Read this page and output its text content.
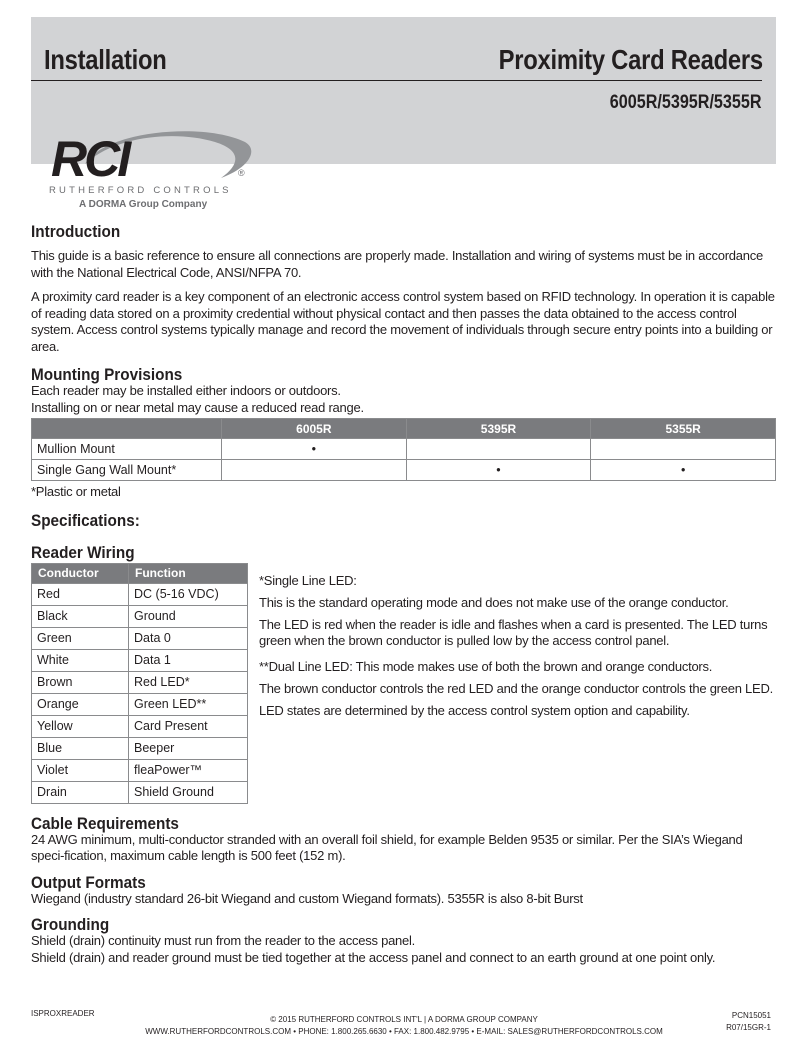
Installation	Proximity Card Readers
6005R/5395R/5355R
RCI	®
RUTHERFORD CONTROLS
A DORMA Group Company
Introduction

This guide is a basic reference to ensure all connections are properly made. Installation and wiring of systems must be in accordance with the National Electrical Code, ANSI/NFPA 70.

A proximity card reader is a key component of an electronic access control system based on RFID technology. In operation it is capable of reading data stored on a proximity credential without physical contact and then passes the data obtained to the access control system. Access control systems typically manage and record the movement of individuals through secure entry points into a building or area.

Mounting Provisions

Each reader may be installed either indoors or outdoors.

Installing on or near metal may cause a reduced read range.

	6005R	5395R	5355R
Mullion Mount	•		
Single Gang Wall Mount*		•	•

*Plastic or metal

Specifications:
Reader Wiring
Conductor	Function
Red	DC (5-16 VDC)
Black	Ground
Green	Data 0
White	Data 1
Brown	Red LED*
Orange	Green LED**
Yellow	Card Present
Blue	Beeper
Violet	fleaPower™
Drain	Shield Ground
Cable Requirements

24 AWG minimum, multi-conductor stranded with an overall foil shield, for example Belden 9535 or similar. Per the SIA’s Wiegand speci-fication, maximum cable length is 500 feet (152 m).

Output Formats

Wiegand (industry standard 26-bit Wiegand and custom Wiegand formats). 5355R is also 8-bit Burst

Grounding

Shield (drain) continuity must run from the reader to the access panel.

Shield (drain) and reader ground must be tied together at the access panel and connect to an earth ground at one point only.

*Single Line LED:

This is the standard operating mode and does not make use of the orange conductor.

The LED is red when the reader is idle and flashes when a card is presented. The LED turns green when the brown conductor is pulled low by the access control panel.

**Dual Line LED: This mode makes use of both the brown and orange conductors.

The brown conductor controls the red LED and the orange conductor controls the green LED.

LED states are determined by the access control system option and capability.

ISPROXREADER
© 2015 RUTHERFORD CONTROLS INT'L | A DORMA GROUP COMPANY
WWW.RUTHERFORDCONTROLS.COM • PHONE: 1.800.265.6630 • FAX: 1.800.482.9795 • E-MAIL: SALES@RUTHERFORDCONTROLS.COM
PCN15051
R07/15GR-1
